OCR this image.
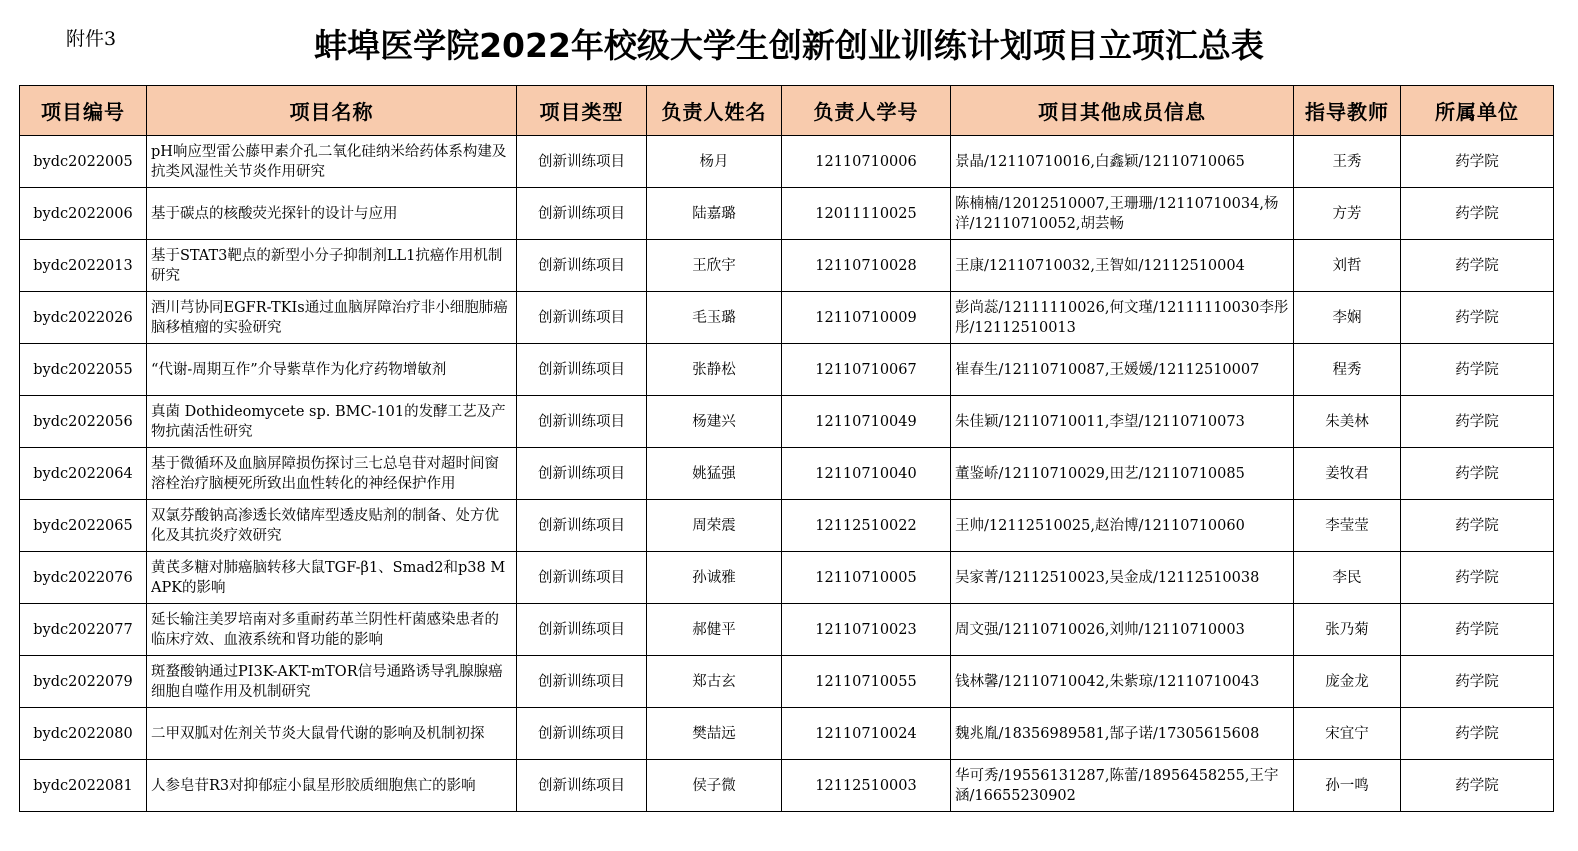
附件3	蚌埠医学院2022年校级大学生创新创业训练计划项目立项汇总表
项目编号	项目名称	项目类型	负责人姓名	负责人学号	项目其他成员信息	指导教师	所属单位
bydc2022005	pH响应型雷公藤甲素介孔二氧化硅纳米给药体系构建及抗类风湿性关节炎作用研究	创新训练项目	杨月	12110710006	景晶/12110710016,白鑫颖/12110710065	王秀	药学院
bydc2022006	基于碳点的核酸荧光探针的设计与应用	创新训练项目	陆嘉璐	12011110025	陈楠楠/12012510007,王珊珊/12110710034,杨洋/12110710052,胡芸畅	方芳	药学院
bydc2022013	基于STAT3靶点的新型小分子抑制剂LL1抗癌作用机制研究	创新训练项目	王欣宇	12110710028	王康/12110710032,王智如/12112510004	刘哲	药学院
bydc2022026	酒川芎协同EGFR-TKIs通过血脑屏障治疗非小细胞肺癌脑移植瘤的实验研究	创新训练项目	毛玉璐	12110710009	彭尚蕊/12111110026,何文瑾/12111110030李彤彤/12112510013	李娴	药学院
bydc2022055	“代谢-周期互作”介导紫草作为化疗药物增敏剂	创新训练项目	张静松	12110710067	崔春生/12110710087,王媛媛/12112510007	程秀	药学院
bydc2022056	真菌 Dothideomycete sp. BMC-101的发酵工艺及产物抗菌活性研究	创新训练项目	杨建兴	12110710049	朱佳颖/12110710011,李望/12110710073	朱美林	药学院
bydc2022064	基于微循环及血脑屏障损伤探讨三七总皂苷对超时间窗溶栓治疗脑梗死所致出血性转化的神经保护作用	创新训练项目	姚猛强	12110710040	董鉴峤/12110710029,田艺/12110710085	姜牧君	药学院
bydc2022065	双氯芬酸钠高渗透长效储库型透皮贴剂的制备、处方优化及其抗炎疗效研究	创新训练项目	周荣震	12112510022	王帅/12112510025,赵治博/12110710060	李莹莹	药学院
bydc2022076	黄芪多糖对肺癌脑转移大鼠TGF-β1、Smad2和p38 MAPK的影响	创新训练项目	孙诚雅	12110710005	吴家菁/12112510023,吴金成/12112510038	李民	药学院
bydc2022077	延长输注美罗培南对多重耐药革兰阴性杆菌感染患者的临床疗效、血液系统和肾功能的影响	创新训练项目	郝健平	12110710023	周文强/12110710026,刘帅/12110710003	张乃菊	药学院
bydc2022079	斑蝥酸钠通过PI3K-AKT-mTOR信号通路诱导乳腺腺癌细胞自噬作用及机制研究	创新训练项目	郑古玄	12110710055	钱林馨/12110710042,朱紫琼/12110710043	庞金龙	药学院
bydc2022080	二甲双胍对佐剂关节炎大鼠骨代谢的影响及机制初探	创新训练项目	樊喆远	12110710024	魏兆胤/18356989581,郜子诺/17305615608	宋宜宁	药学院
bydc2022081	人参皂苷R3对抑郁症小鼠星形胶质细胞焦亡的影响	创新训练项目	侯子微	12112510003	华可秀/19556131287,陈蕾/18956458255,王宇涵/16655230902	孙一鸣	药学院
